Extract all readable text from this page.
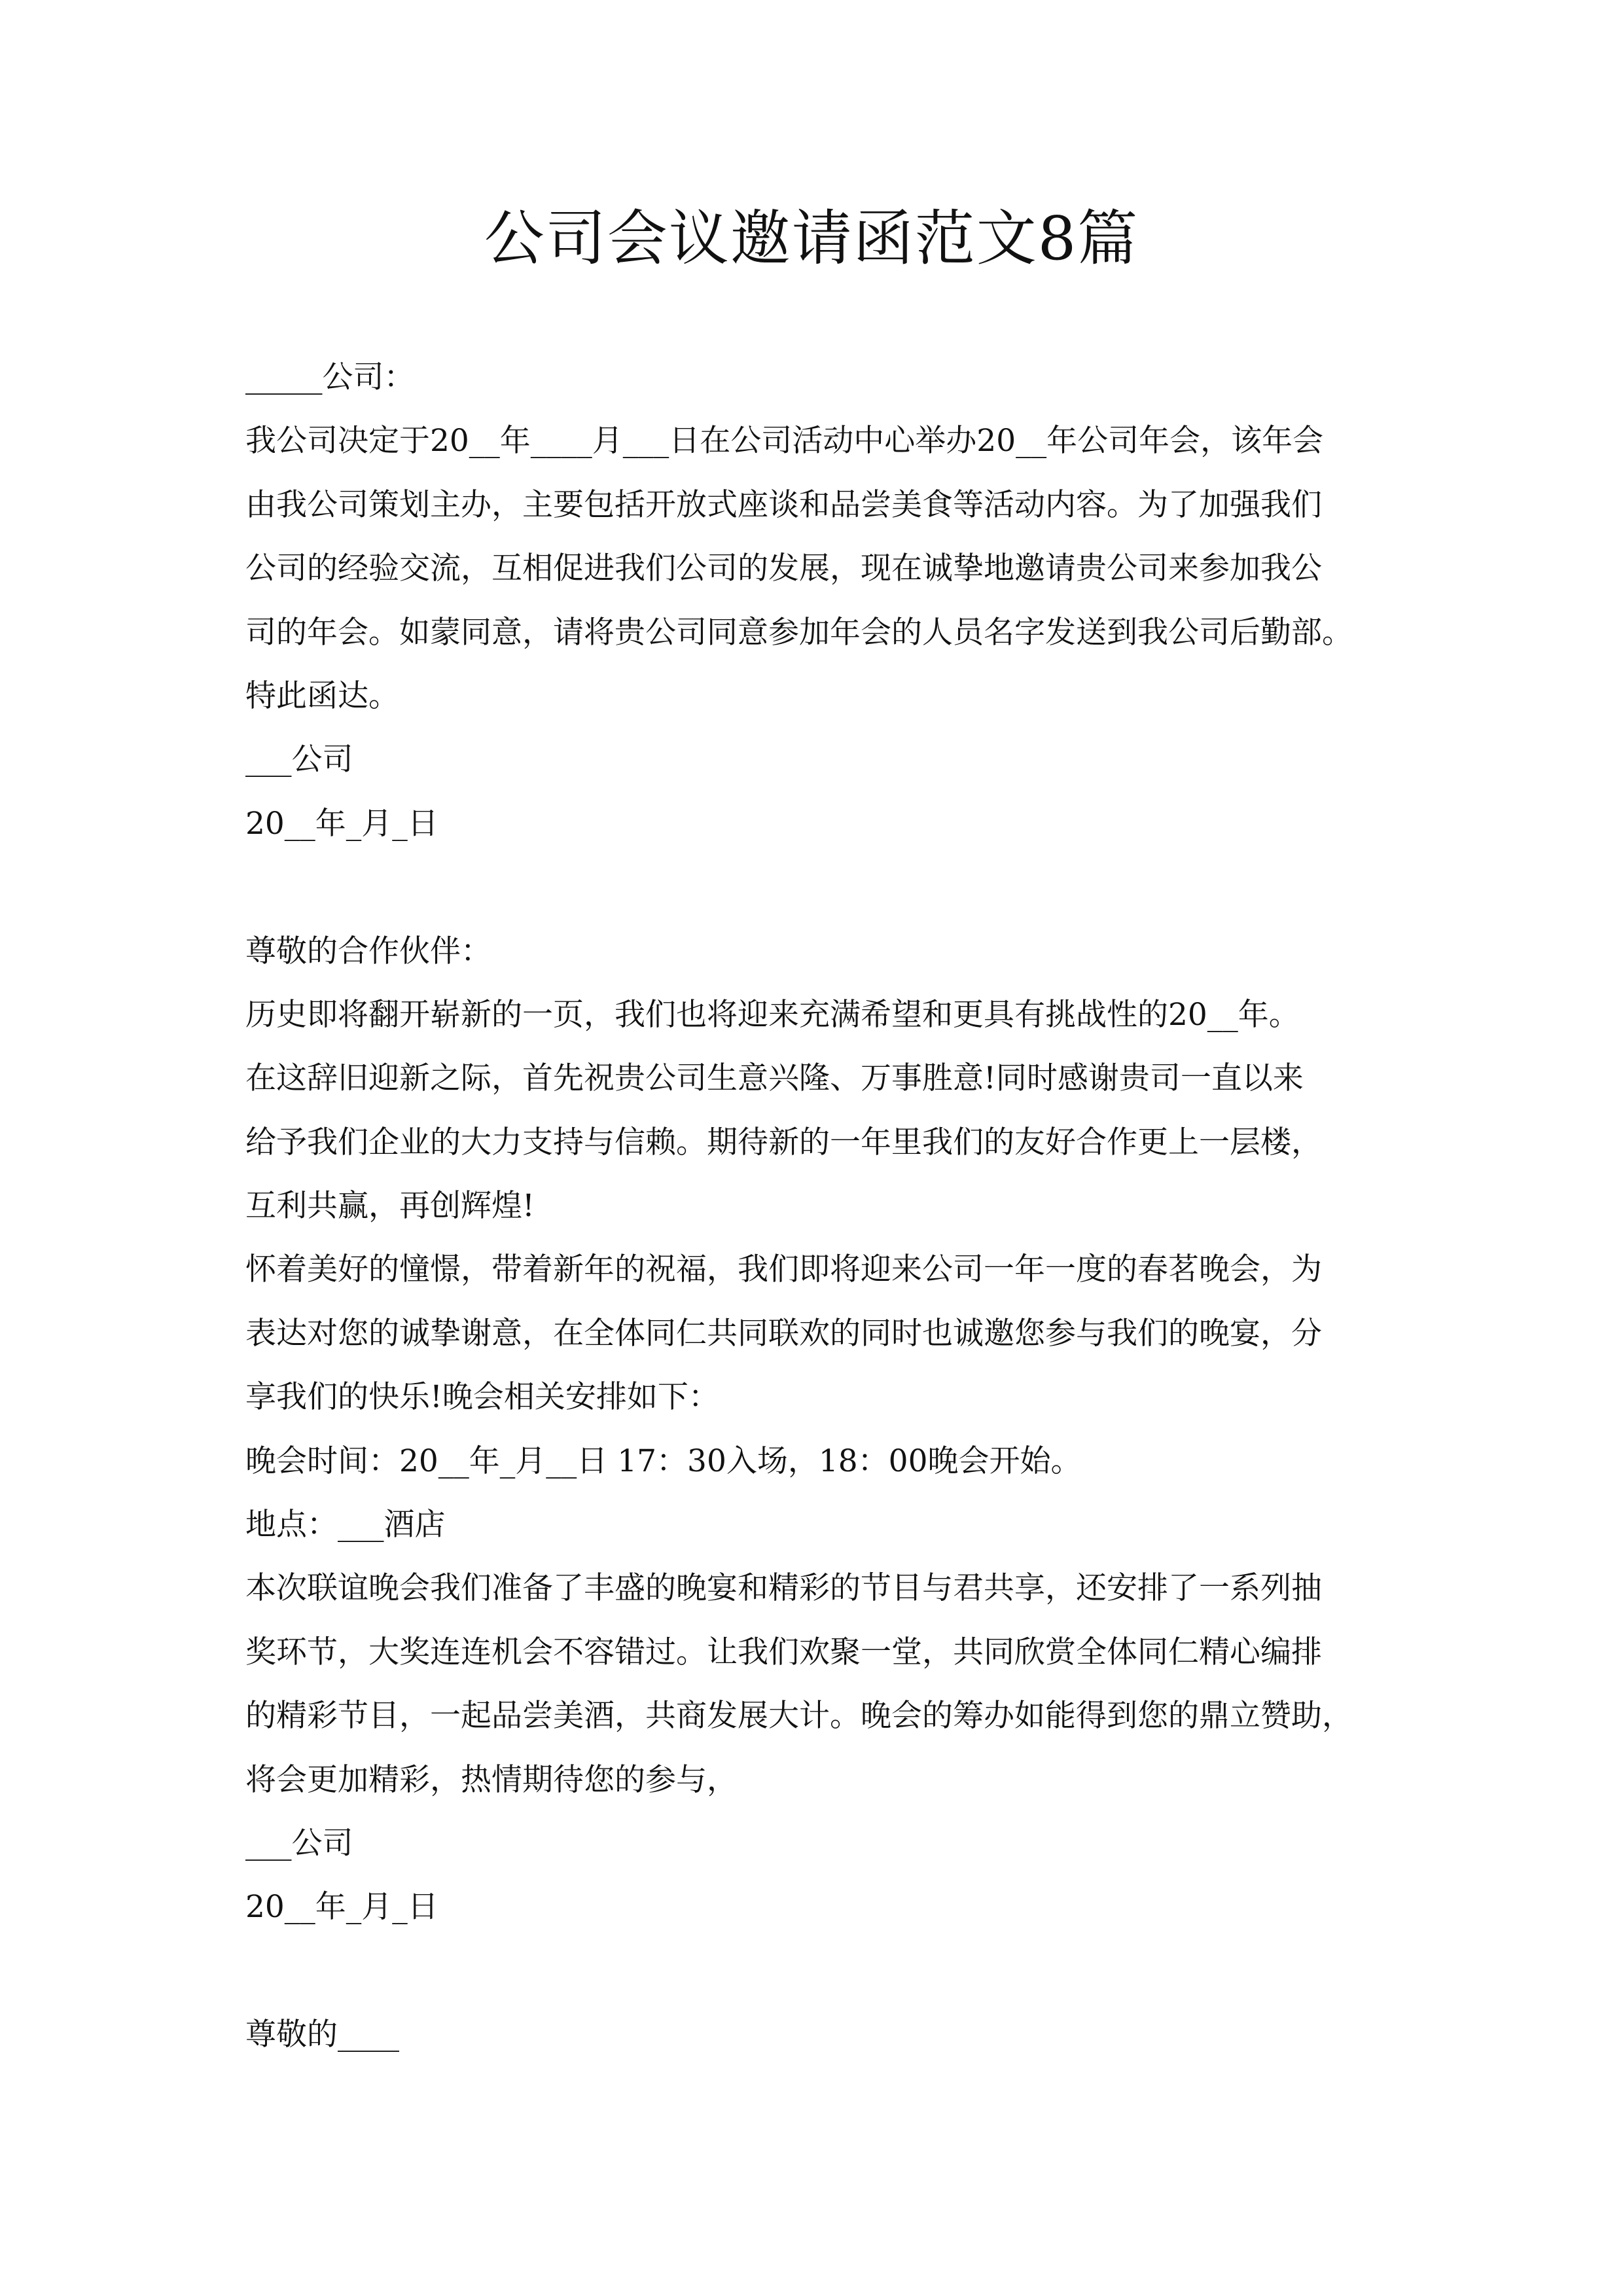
公司会议邀请函范文8篇
_____公司：
我公司决定于20__年____月___日在公司活动中心举办20__年公司年会，该年会
由我公司策划主办，主要包括开放式座谈和品尝美食等活动内容。为了加强我们
公司的经验交流，互相促进我们公司的发展，现在诚挚地邀请贵公司来参加我公
司的年会。如蒙同意，请将贵公司同意参加年会的人员名字发送到我公司后勤部。
特此函达。
___公司
20__年_月_日
尊敬的合作伙伴：
历史即将翻开崭新的一页，我们也将迎来充满希望和更具有挑战性的20__年。
在这辞旧迎新之际，首先祝贵公司生意兴隆、万事胜意!同时感谢贵司一直以来
给予我们企业的大力支持与信赖。期待新的一年里我们的友好合作更上一层楼，
互利共赢，再创辉煌!
怀着美好的憧憬，带着新年的祝福，我们即将迎来公司一年一度的春茗晚会，为
表达对您的诚挚谢意，在全体同仁共同联欢的同时也诚邀您参与我们的晚宴，分
享我们的快乐!晚会相关安排如下：
晚会时间：20__年_月__日 17：30入场，18：00晚会开始。
地点：___酒店
本次联谊晚会我们准备了丰盛的晚宴和精彩的节目与君共享，还安排了一系列抽
奖环节，大奖连连机会不容错过。让我们欢聚一堂，共同欣赏全体同仁精心编排
的精彩节目，一起品尝美酒，共商发展大计。晚会的筹办如能得到您的鼎立赞助，
将会更加精彩，热情期待您的参与，
___公司
20__年_月_日
尊敬的____
